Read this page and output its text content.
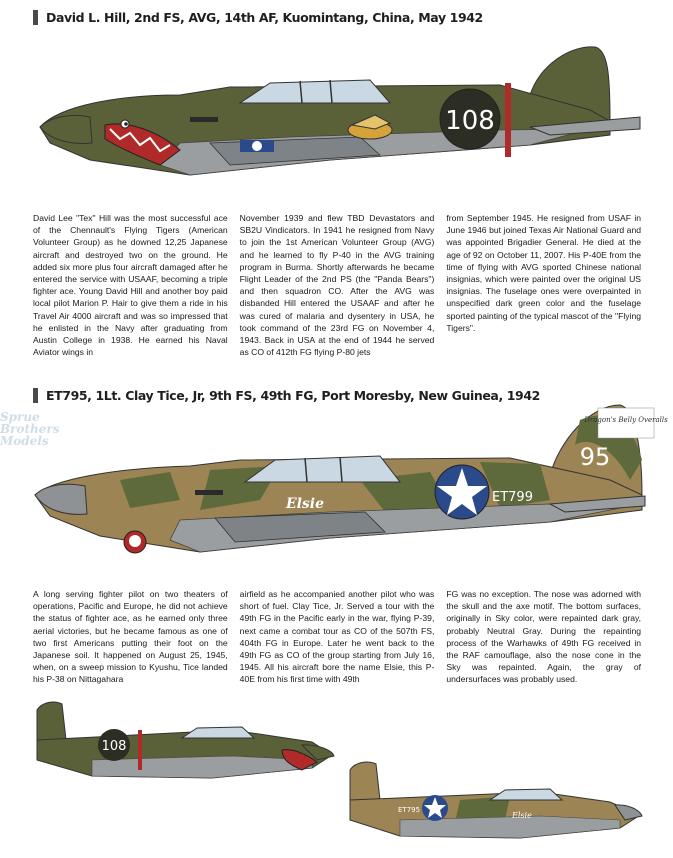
David L. Hill, 2nd FS, AVG, 14th AF, Kuomintang, China, May 1942
108
David Lee "Tex" Hill was the most successful ace of the Chennault's Flying Tigers (American Volunteer Group) as he downed 12,25 Japanese aircraft and destroyed two on the ground. He added six more plus four aircraft damaged after he entered the service with USAAF, becoming a triple fighter ace. Young David Hill and another boy paid local pilot Marion P. Hair to give them a ride in his Travel Air 4000 aircraft and was so impressed that he enlisted in the Navy after graduating from Austin College in 1938. He earned his Naval Aviator wings in
November 1939 and flew TBD Devastators and SB2U Vindicators. In 1941 he resigned from Navy to join the 1st American Volunteer Group (AVG) and he learned to fly P-40 in the AVG training program in Burma. Shortly afterwards he became Flight Leader of the 2nd PS (the "Panda Bears") and then squadron CO. After the AVG was disbanded Hill entered the USAAF and after he was cured of malaria and dysentery in USA, he took command of the 23rd FG on November 4, 1943. Back in USA at the end of 1944 he served as CO of 412th FG flying P-80 jets
from September 1945. He resigned from USAF in June 1946 but joined Texas Air National Guard and was appointed Brigadier General. He died at the age of 92 on October 11, 2007. His P-40E from the time of flying with AVG sported Chinese national insignias, which were painted over the original US insignias. The fuselage ones were overpainted in unspecified dark green color and the fuselage sported painting of the typical mascot of the "Flying Tigers".
ET795, 1Lt. Clay Tice, Jr, 9th FS, 49th FG, Port Moresby, New Guinea, 1942
Sprue
Brothers
Models
95
Dragon's Belly Overalls
Elsie	ET799
A long serving fighter pilot on two theaters of operations, Pacific and Europe, he did not achieve the status of fighter ace, as he earned only three aerial victories, but he became famous as one of two first Americans putting their foot on the Japanese soil. It happened on August 25, 1945, when, on a sweep mission to Kyushu, Tice landed his P-38 on Nittagahara
airfield as he accompanied another pilot who was short of fuel. Clay Tice, Jr. Served a tour with the 49th FG in the Pacific early in the war, flying P-39, next came a combat tour as CO of the 507th FS, 404th FG in Europe. Later he went back to the 49th FG as CO of the group starting from July 16, 1945. All his aircraft bore the name Elsie, this P-40E from his first time with 49th
FG was no exception. The nose was adorned with the skull and the axe motif. The bottom surfaces, originally in Sky color, were repainted dark gray, probably Neutral Gray. During the repainting process of the Warhawks of 49th FG received in the RAF camouflage, also the nose cone in the Sky was repainted. Again, the gray of undersurfaces was probably used.
108
95
ET795
Elsie
